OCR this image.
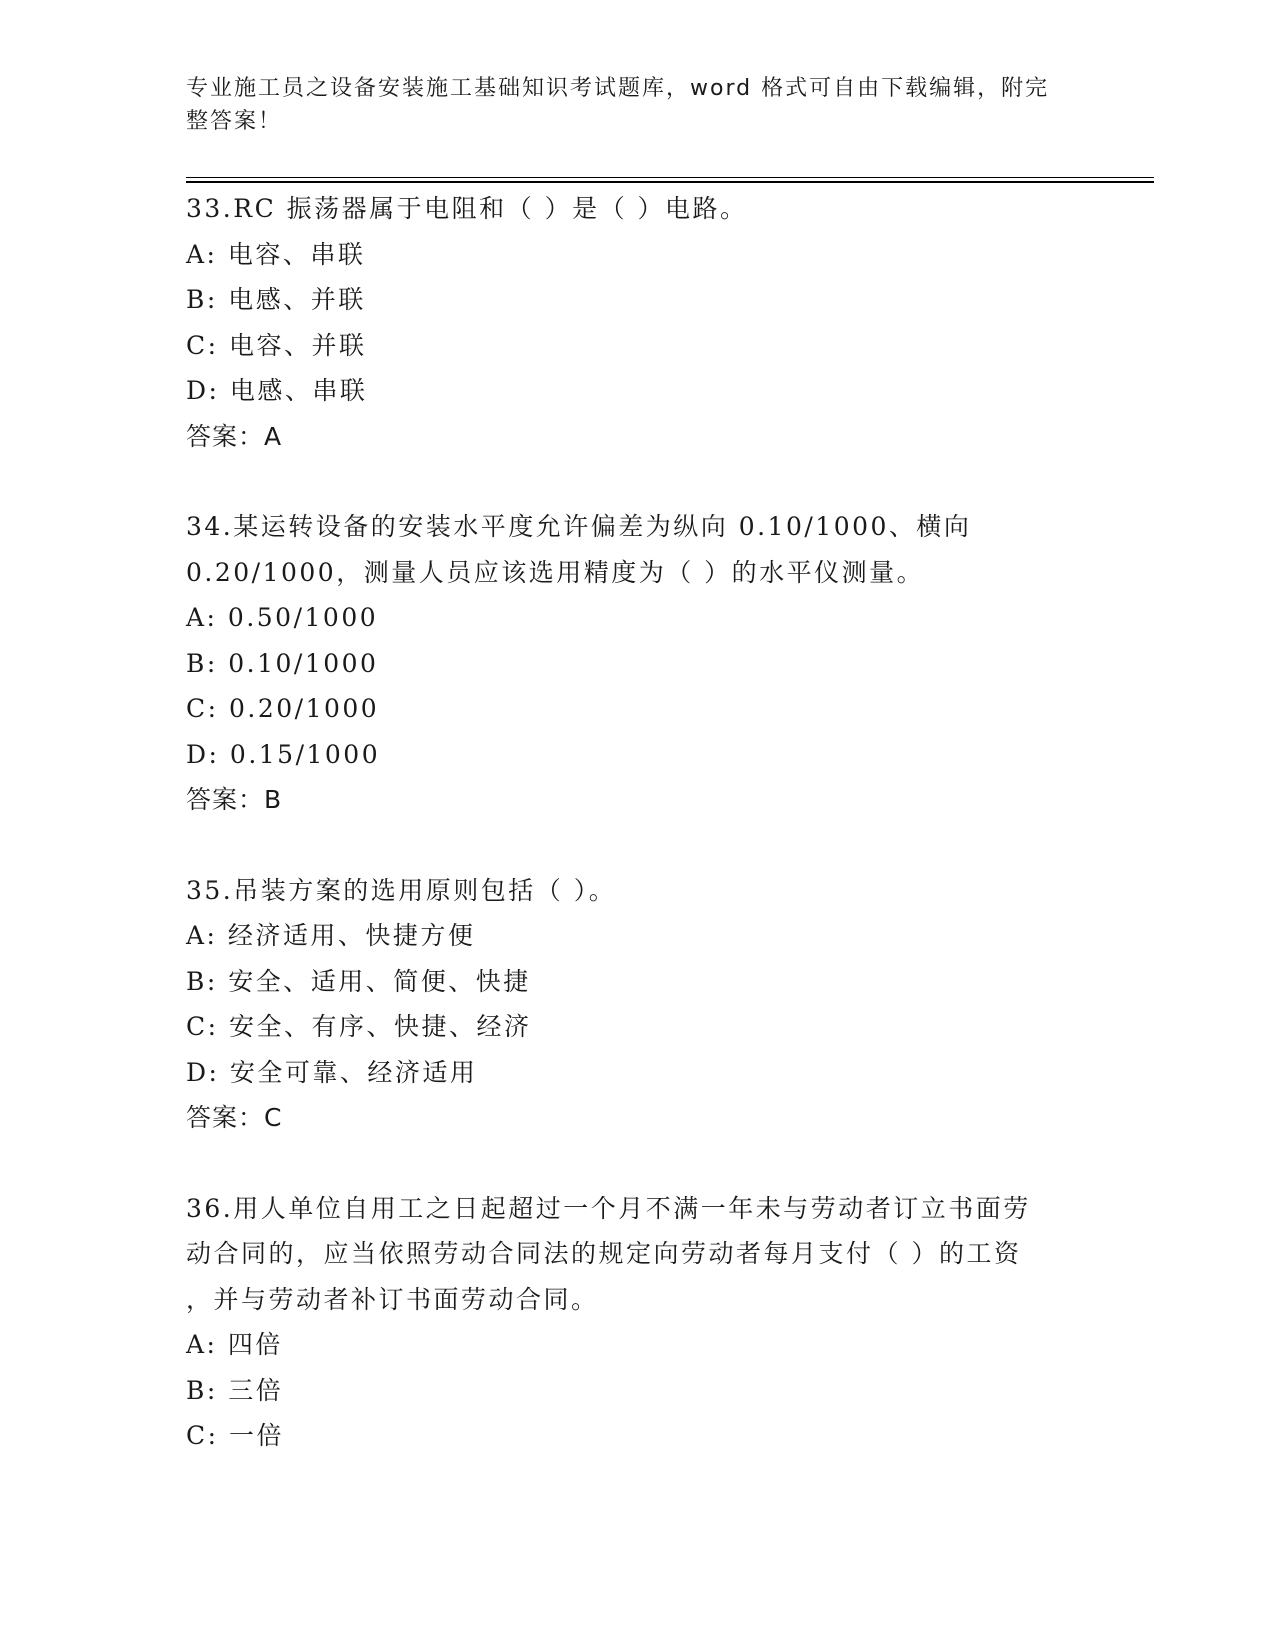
专业施工员之设备安装施工基础知识考试题库，word 格式可自由下载编辑，附完
整答案！
33.RC 振荡器属于电阻和（ ）是（ ）电路。
A: 电容、串联
B: 电感、并联
C: 电容、并联
D: 电感、串联
答案：A
34.某运转设备的安装水平度允许偏差为纵向 0.10/1000、横向
0.20/1000，测量人员应该选用精度为（ ）的水平仪测量。
A: 0.50/1000
B: 0.10/1000
C: 0.20/1000
D: 0.15/1000
答案：B
35.吊装方案的选用原则包括（ ）。
A: 经济适用、快捷方便
B: 安全、适用、简便、快捷
C: 安全、有序、快捷、经济
D: 安全可靠、经济适用
答案：C
36.用人单位自用工之日起超过一个月不满一年未与劳动者订立书面劳
动合同的，应当依照劳动合同法的规定向劳动者每月支付（ ）的工资
，并与劳动者补订书面劳动合同。
A: 四倍
B: 三倍
C: 一倍
